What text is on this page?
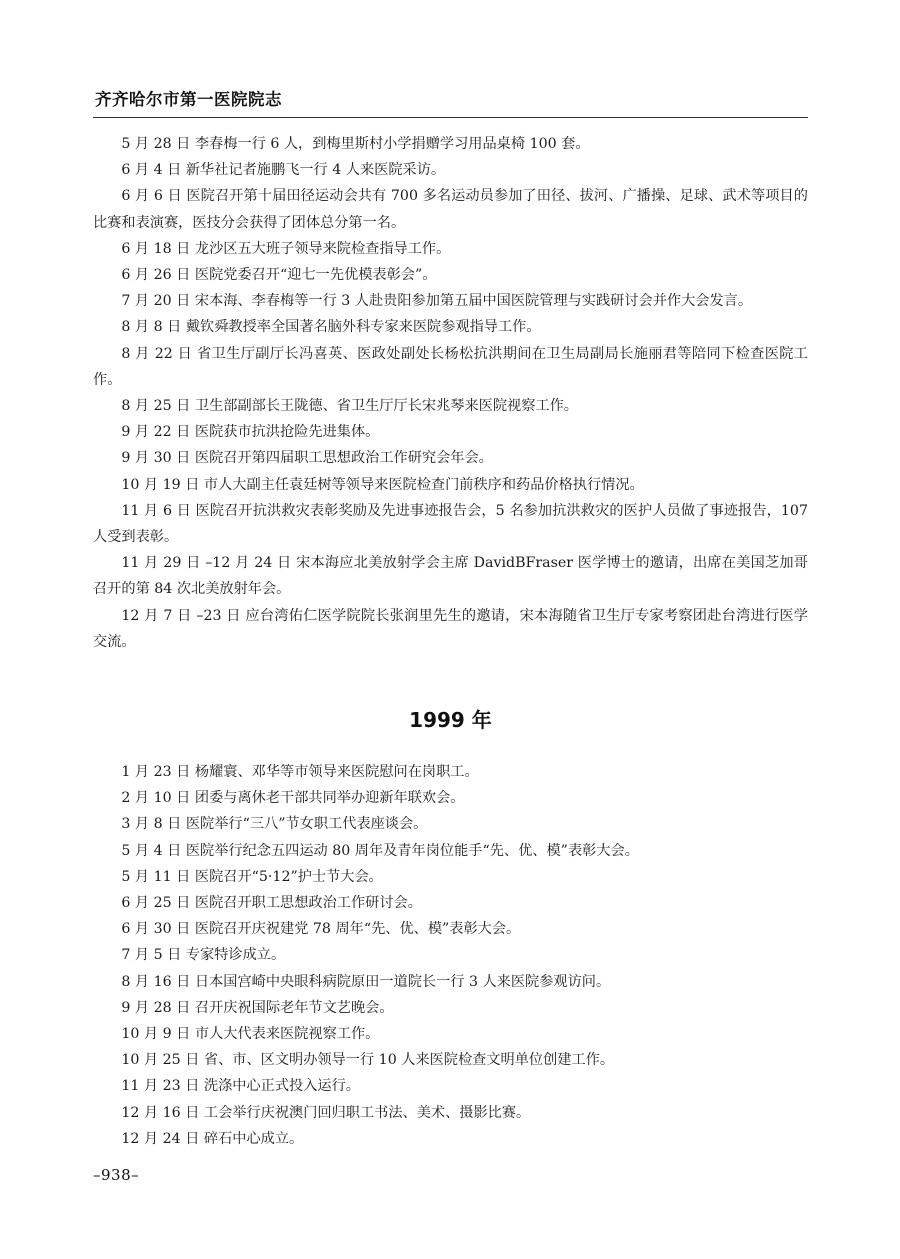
齐齐哈尔市第一医院院志
5 月 28 日 李春梅一行 6 人，到梅里斯村小学捐赠学习用品桌椅 100 套。
6 月 4 日 新华社记者施鹏飞一行 4 人来医院采访。
6 月 6 日 医院召开第十届田径运动会共有 700 多名运动员参加了田径、拔河、广播操、足球、武术等项目的比赛和表演赛，医技分会获得了团体总分第一名。
6 月 18 日 龙沙区五大班子领导来院检查指导工作。
6 月 26 日 医院党委召开“迎七一先优模表彰会”。
7 月 20 日 宋本海、李春梅等一行 3 人赴贵阳参加第五届中国医院管理与实践研讨会并作大会发言。
8 月 8 日 戴钦舜教授率全国著名脑外科专家来医院参观指导工作。
8 月 22 日 省卫生厅副厅长冯喜英、医政处副处长杨松抗洪期间在卫生局副局长施丽君等陪同下检查医院工作。
8 月 25 日 卫生部副部长王陇德、省卫生厅厅长宋兆琴来医院视察工作。
9 月 22 日 医院获市抗洪抢险先进集体。
9 月 30 日 医院召开第四届职工思想政治工作研究会年会。
10 月 19 日 市人大副主任袁廷树等领导来医院检查门前秩序和药品价格执行情况。
11 月 6 日 医院召开抗洪救灾表彰奖励及先进事迹报告会，5 名参加抗洪救灾的医护人员做了事迹报告，107 人受到表彰。
11 月 29 日 –12 月 24 日 宋本海应北美放射学会主席 DavidBFraser 医学博士的邀请，出席在美国芝加哥召开的第 84 次北美放射年会。
12 月 7 日 –23 日 应台湾佑仁医学院院长张润里先生的邀请，宋本海随省卫生厅专家考察团赴台湾进行医学交流。
1999 年
1 月 23 日 杨耀寰、邓华等市领导来医院慰问在岗职工。
2 月 10 日 团委与离休老干部共同举办迎新年联欢会。
3 月 8 日 医院举行“三八”节女职工代表座谈会。
5 月 4 日 医院举行纪念五四运动 80 周年及青年岗位能手“先、优、模”表彰大会。
5 月 11 日 医院召开“5·12”护士节大会。
6 月 25 日 医院召开职工思想政治工作研讨会。
6 月 30 日 医院召开庆祝建党 78 周年“先、优、模”表彰大会。
7 月 5 日 专家特诊成立。
8 月 16 日 日本国宫崎中央眼科病院原田一道院长一行 3 人来医院参观访问。
9 月 28 日 召开庆祝国际老年节文艺晚会。
10 月 9 日 市人大代表来医院视察工作。
10 月 25 日 省、市、区文明办领导一行 10 人来医院检查文明单位创建工作。
11 月 23 日 洗涤中心正式投入运行。
12 月 16 日 工会举行庆祝澳门回归职工书法、美术、摄影比赛。
12 月 24 日 碎石中心成立。
–938–
